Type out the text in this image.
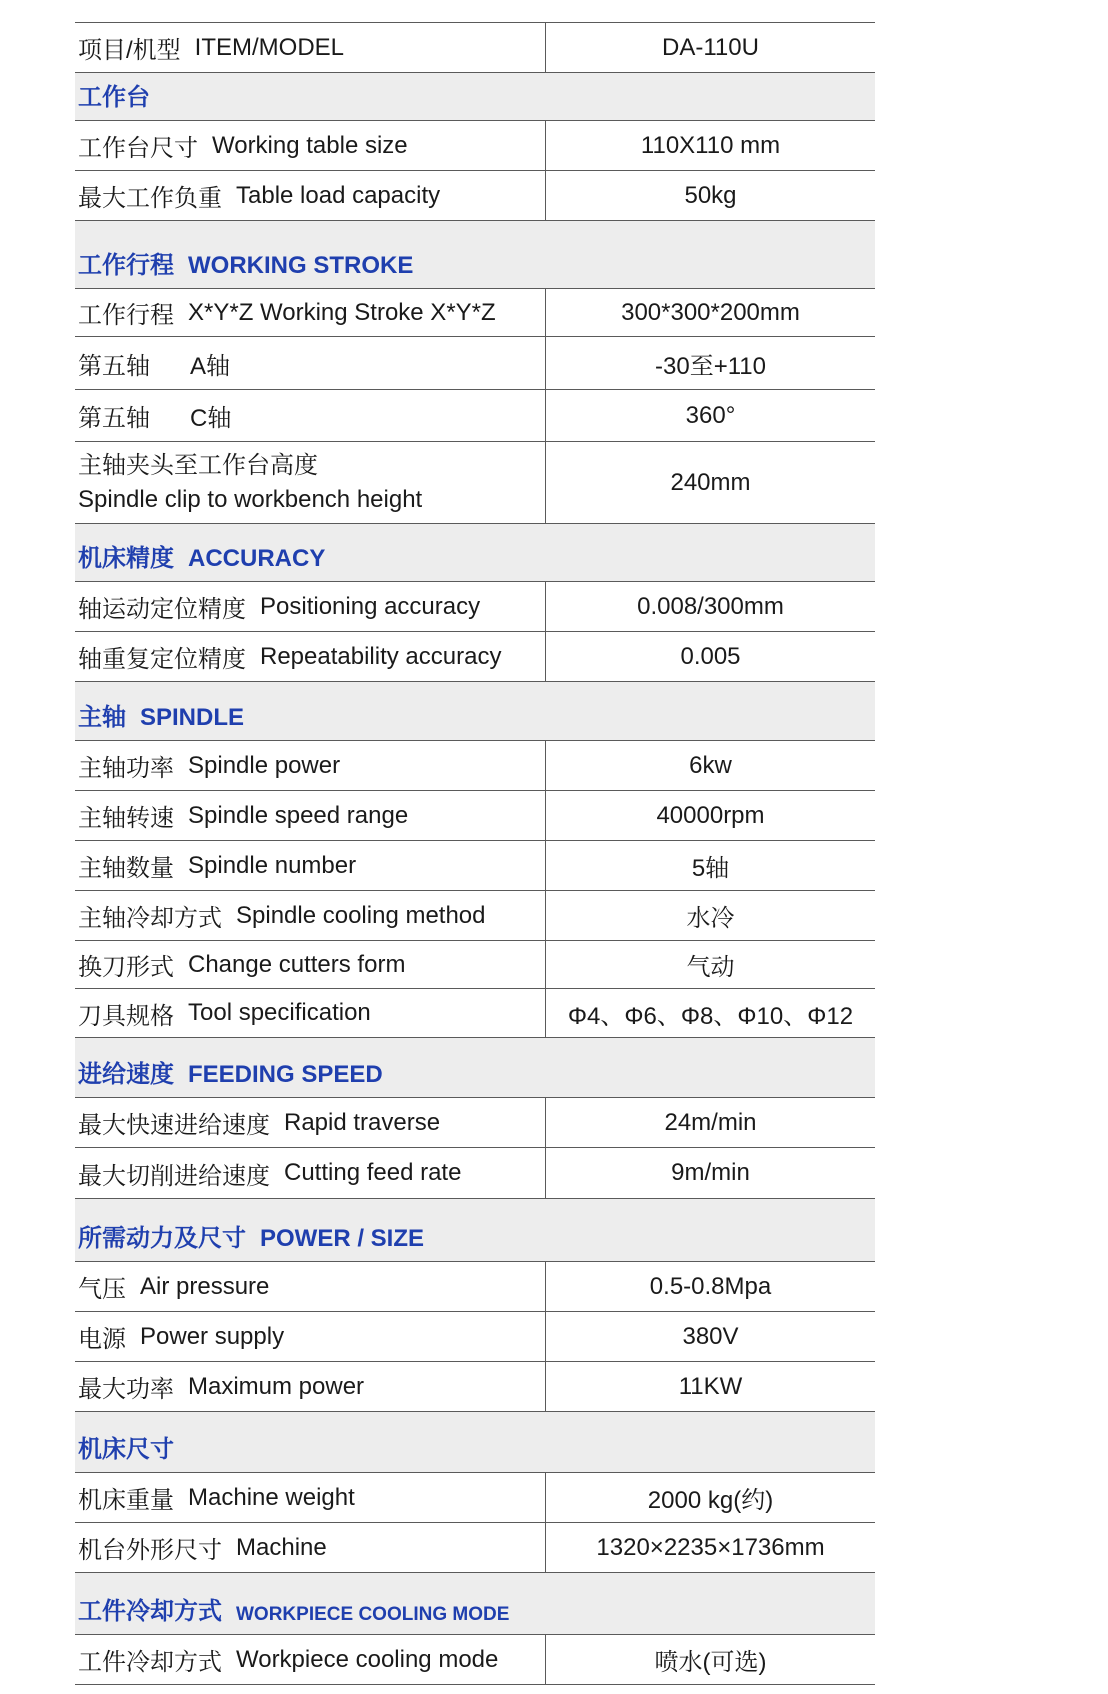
项目/机型 ITEM/MODEL	DA-110U
工作台
工作台尺寸 Working table size	110X110 mm
最大工作负重 Table load capacity	50kg
工作行程 WORKING STROKE
工作行程 X*Y*Z Working Stroke X*Y*Z	300*300*200mm
第五轴 A轴	-30至+110
第五轴 C轴	360°
主轴夹头至工作台高度
Spindle clip to workbench height
240mm
机床精度 ACCURACY
轴运动定位精度 Positioning accuracy	0.008/300mm
轴重复定位精度 Repeatability accuracy	0.005
主轴 SPINDLE
主轴功率 Spindle power	6kw
主轴转速 Spindle speed range	40000rpm
主轴数量 Spindle number	5轴
主轴冷却方式 Spindle cooling method	水冷
换刀形式 Change cutters form	气动
刀具规格 Tool specification	Φ4、Φ6、Φ8、Φ10、Φ12
进给速度 FEEDING SPEED
最大快速进给速度 Rapid traverse	24m/min
最大切削进给速度 Cutting feed rate	9m/min
所需动力及尺寸 POWER / SIZE
气压 Air pressure	0.5-0.8Mpa
电源 Power supply	380V
最大功率 Maximum power	11KW
机床尺寸
机床重量 Machine weight	2000 kg(约)
机台外形尺寸 Machine	1320×2235×1736mm
工件冷却方式 WORKPIECE COOLING MODE
工件冷却方式 Workpiece cooling mode	喷水(可选)
